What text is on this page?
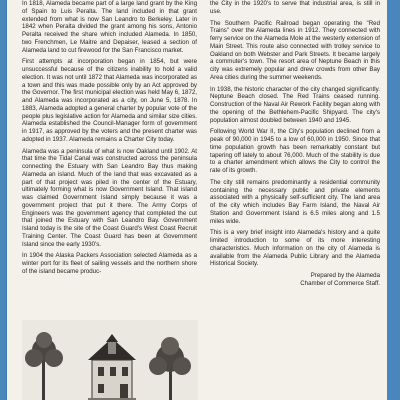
In 1818, Alameda became part of a large land grant by the King of Spain to Luis Peralta. The land included in that grant extended from what is now San Leandro to Berkeley. Later in 1842 when Peralta divided the grant among his sons, Antonio Peralta received the share which included Alameda. In 1850, two Frenchmen, Le Maitre and Depaiser, leased a section of Alameda land to cut firewood for the San Francisco market.

First attempts at incorporation began in 1854, but were unsuccessful because of the citizens inability to hold a valid election. It was not until 1872 that Alameda was incorporated as a town and this was made possible only by an Act approved by the Governor. The first municipal election was held May 6, 1872, and Alameda was incorporated as a city, on June 5, 1878. In 1883, Alameda adopted a general charter by popular vote of the people plus legislative action for Alameda and similar size cities. Alameda established the Council-Manager form of government in 1917, as approved by the voters and the present charter was adopted in 1937. Alameda remains a Charter City today.

Alameda was a peninsula of what is now Oakland until 1902. At that time the Tidal Canal was constructed across the peninsula connecting the Estuary with San Leandro Bay thus making Alameda an island. Much of the land that was excavated as a part of that project was piled in the center of the Estuary, ultimately forming what is now Government Island. That island was claimed Government Island simply because it was a government project that put it there. The Army Corps of Engineers was the government agency that completed the cut that joined the Estuary with San Leandro Bay. Government Island today is the site of the Coast Guard's West Coast Recruit Training Center. The Coast Guard has been at Government Island since the early 1930's.

In 1904 the Alaska Packers Association selected Alameda as a winter port for its fleet of sailing vessels and the northern shore of the island became produc-

the City in the 1920's to serve that industrial area, is still in use.

The Southern Pacific Railroad began operating the "Red Trains" over the Alameda lines in 1912. They connected with ferry service on the Alameda Mole at the westerly extension of Main Street. This route also connected with trolley service to Oakland on both Webster and Park Streets. It became largely a commuter's town. The resort area of Neptune Beach in this city was extremely popular and drew crowds from other Bay Area cities during the summer weekends.

In 1938, the historic character of the city changed significantly. Neptune Beach closed. The Red Trains ceased running. Construction of the Naval Air Rework Facility began along with the opening of the Bethlehem-Pacific Shipyard. The city's population almost doubled between 1940 and 1945.

Following World War II, the City's population declined from a peak of 90,000 in 1945 to a low of 60,000 in 1950. Since that time population growth has been remarkably constant but tapering off lately to about 76,000. Much of the stability is due to a charter amendment which allows the City to control the rate of its growth.

The city still remains predominantly a residential community containing the necessary public and private elements associated with a physically self-sufficient city. The land area of the city which includes Bay Farm Island, the Naval Air Station and Government Island is 6.5 miles along and 1.5 miles wide.

This is a very brief insight into Alameda's history and a quite limited introduction to some of its more interesting characteristics. Much information on the city of Alameda is available from the Alameda Public Library and the Alameda Historical Society.

Prepared by the Alameda
Chamber of Commerce Staff.
